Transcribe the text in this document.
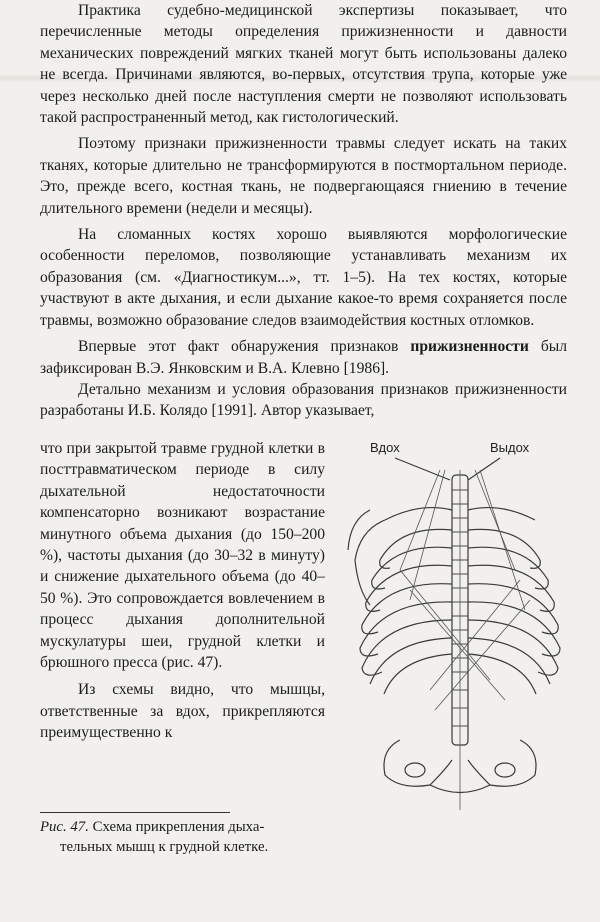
Практика судебно-медицинской экспертизы показывает, что перечисленные методы определения прижизненности и давности механических повреждений мягких тканей могут быть использованы далеко не всегда. Причинами являются, во-первых, отсутствия трупа, которые уже через несколько дней после наступления смерти не позволяют использовать такой распространенный метод, как гистологический.

Поэтому признаки прижизненности травмы следует искать на таких тканях, которые длительно не трансформируются в постмортальном периоде. Это, прежде всего, костная ткань, не подвергающаяся гниению в течение длительного времени (недели и месяцы).

На сломанных костях хорошо выявляются морфологические особенности переломов, позволяющие устанавливать механизм их образования (см. «Диагностикум...», тт. 1–5). На тех костях, которые участвуют в акте дыхания, и если дыхание какое-то время сохраняется после травмы, возможно образование следов взаимодействия костных отломков.

Впервые этот факт обнаружения признаков прижизненности был зафиксирован В.Э. Янковским и В.А. Клевно [1986].

Детально механизм и условия образования признаков прижизненности разработаны И.Б. Колядо [1991]. Автор указывает,

что при закрытой травме грудной клетки в посттравматическом периоде в силу дыхательной недостаточности компенсаторно возникают возрастание минутного объема дыхания (до 150–200 %), частоты дыхания (до 30–32 в минуту) и снижение дыхательного объема (до 40–50 %). Это сопровождается вовлечением в процесс дыхания дополнительной мускулатуры шеи, грудной клетки и брюшного пресса (рис. 47).

Из схемы видно, что мышцы, ответственные за вдох, прикрепляются преимущественно к

Вдох	Выдох
Рис. 47. Схема прикрепления дыха-
тельных мышц к грудной клетке.
